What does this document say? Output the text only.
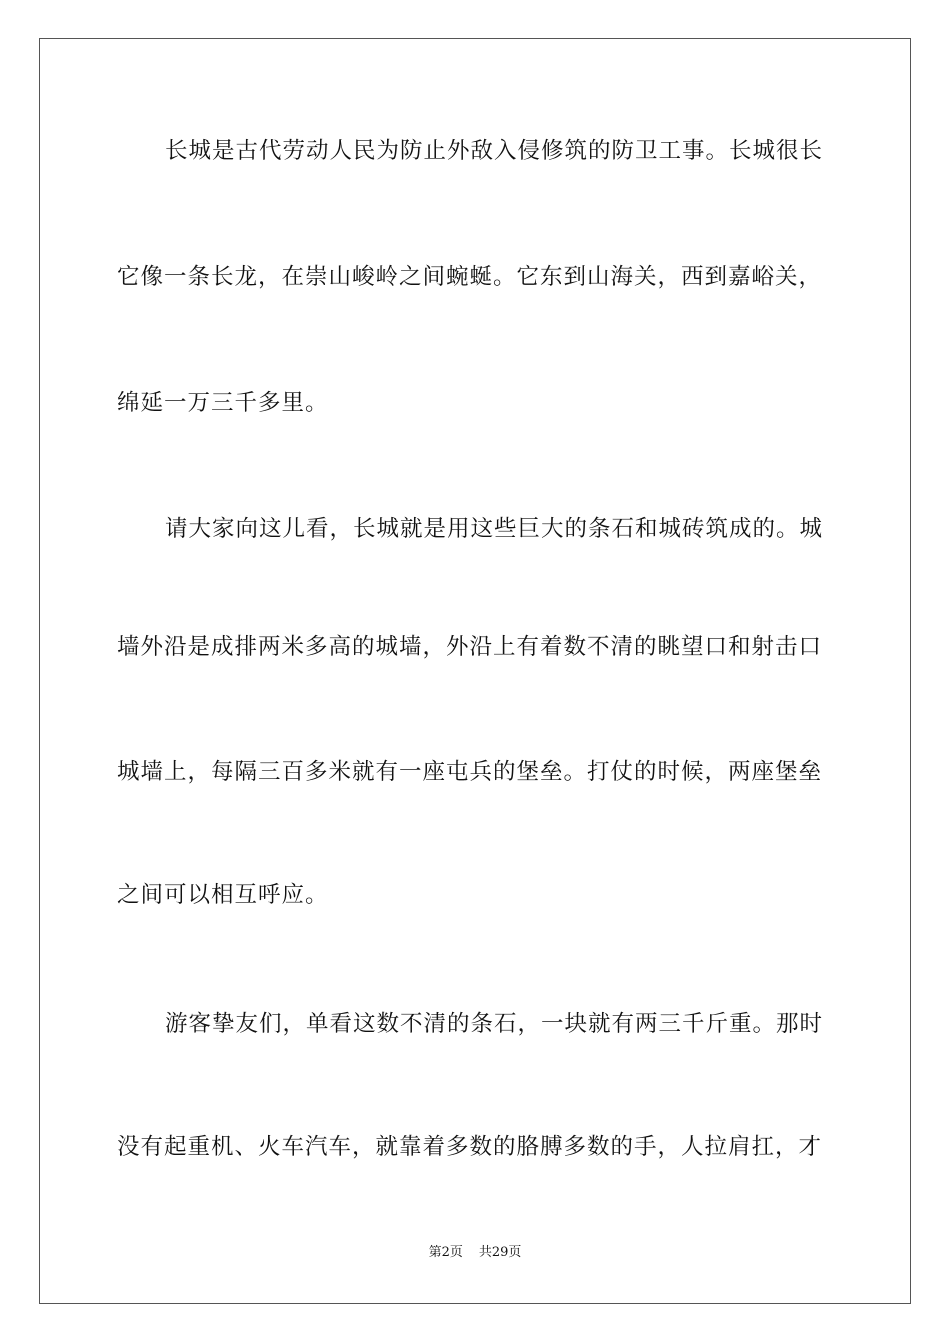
长城是古代劳动人民为防止外敌入侵修筑的防卫工事。长城很长
它像一条长龙，在崇山峻岭之间蜿蜒。它东到山海关，西到嘉峪关，
绵延一万三千多里。
请大家向这儿看，长城就是用这些巨大的条石和城砖筑成的。城
墙外沿是成排两米多高的城墙，外沿上有着数不清的眺望口和射击口
城墙上，每隔三百多米就有一座屯兵的堡垒。打仗的时候，两座堡垒
之间可以相互呼应。
游客挚友们，单看这数不清的条石，一块就有两三千斤重。那时
没有起重机、火车汽车，就靠着多数的胳膊多数的手，人拉肩扛，才
第2页 共29页
